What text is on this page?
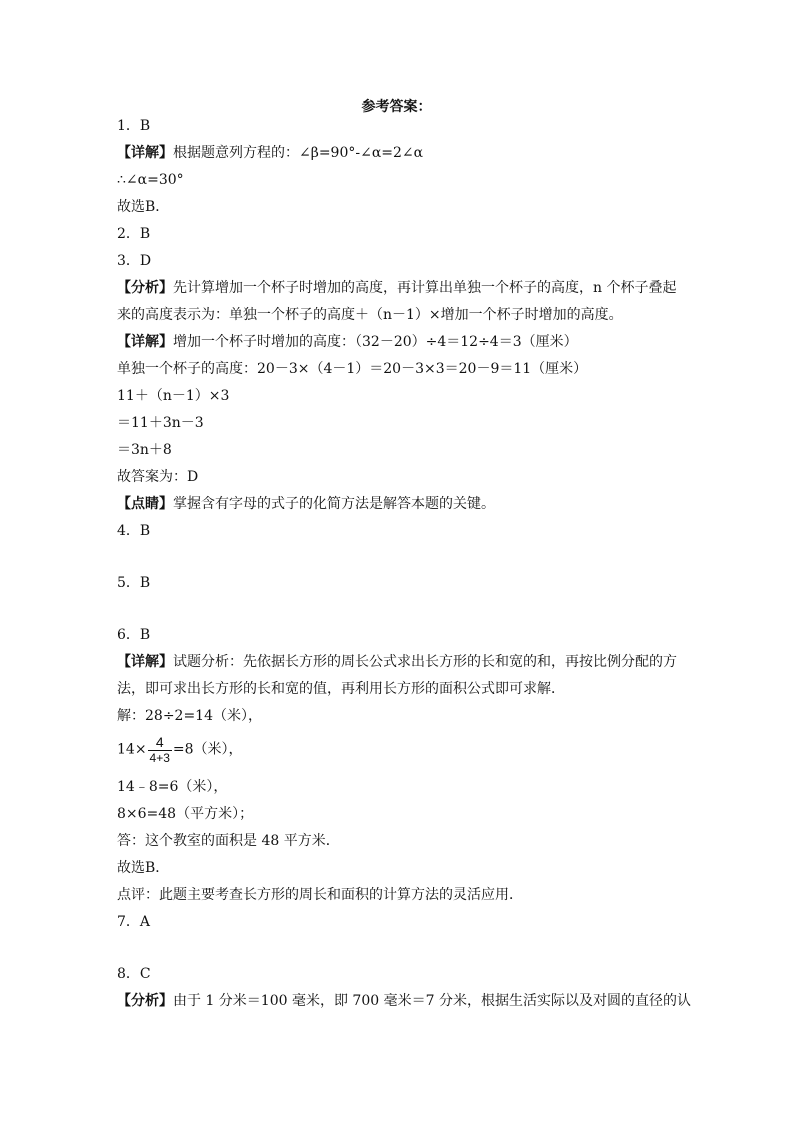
参考答案：
1．B
【详解】根据题意列方程的：∠β=90°-∠α=2∠α
∴∠α=30°
故选B．
2．B
3．D
【分析】先计算增加一个杯子时增加的高度，再计算出单独一个杯子的高度，n 个杯子叠起
来的高度表示为：单独一个杯子的高度＋（n－1）×增加一个杯子时增加的高度。
【详解】增加一个杯子时增加的高度：（32－20）÷4＝12÷4＝3（厘米）
单独一个杯子的高度：20－3×（4－1）＝20－3×3＝20－9＝11（厘米）
11＋（n－1）×3
＝11＋3n－3
＝3n＋8
故答案为：D
【点睛】掌握含有字母的式子的化简方法是解答本题的关键。
4．B
5．B
6．B
【详解】试题分析：先依据长方形的周长公式求出长方形的长和宽的和，再按比例分配的方
法，即可求出长方形的长和宽的值，再利用长方形的面积公式即可求解．
解：28÷2=14（米），
$14\times \frac{4}{4+3} =8$（米），
14﹣8=6（米），
8×6=48（平方米）；
答：这个教室的面积是 48 平方米．
故选B．
点评：此题主要考查长方形的周长和面积的计算方法的灵活应用．
7．A
8．C
【分析】由于 1 分米＝100 毫米，即 700 毫米＝7 分米，根据生活实际以及对圆的直径的认
